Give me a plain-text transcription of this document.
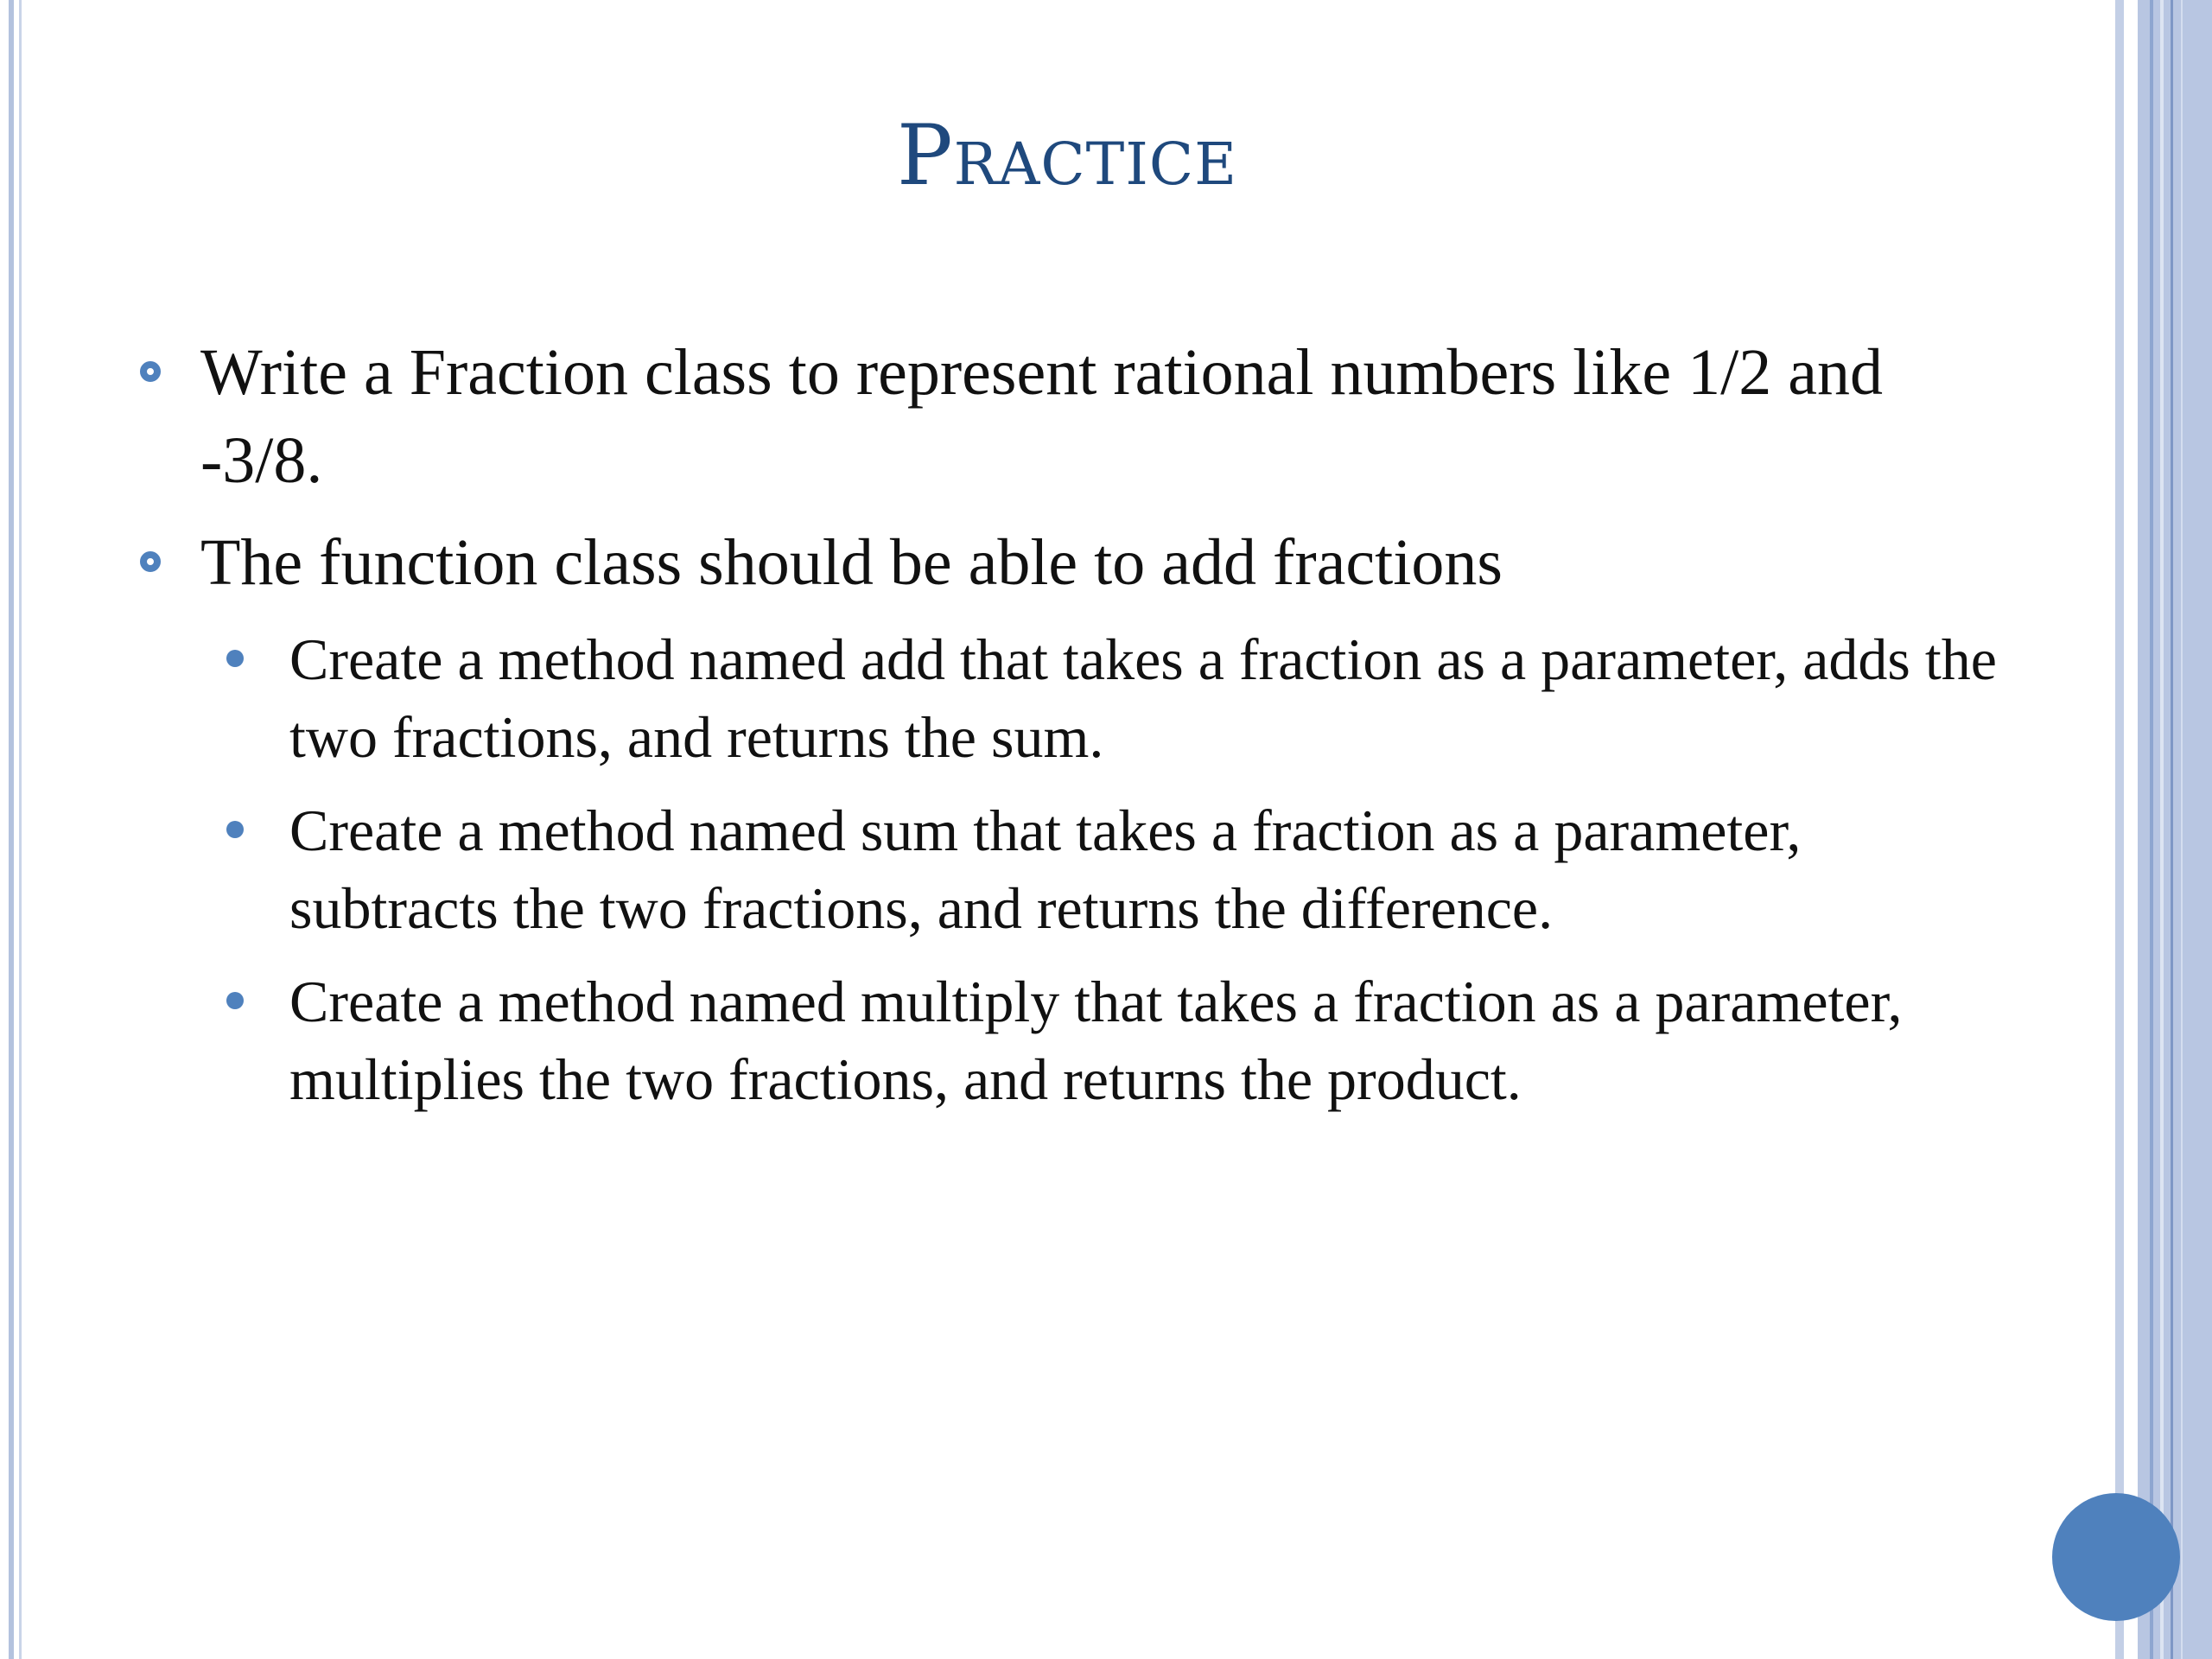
Practice
Write a Fraction class to represent rational numbers like 1/2 and -3/8.
The function class should be able to add fractions
Create a method named add that takes a fraction as a parameter, adds the two fractions, and returns the sum.
Create a method named sum that takes a fraction as a parameter, subtracts the two fractions, and returns the difference.
Create a method named multiply that takes a fraction as a parameter, multiplies the two fractions, and returns the product.
